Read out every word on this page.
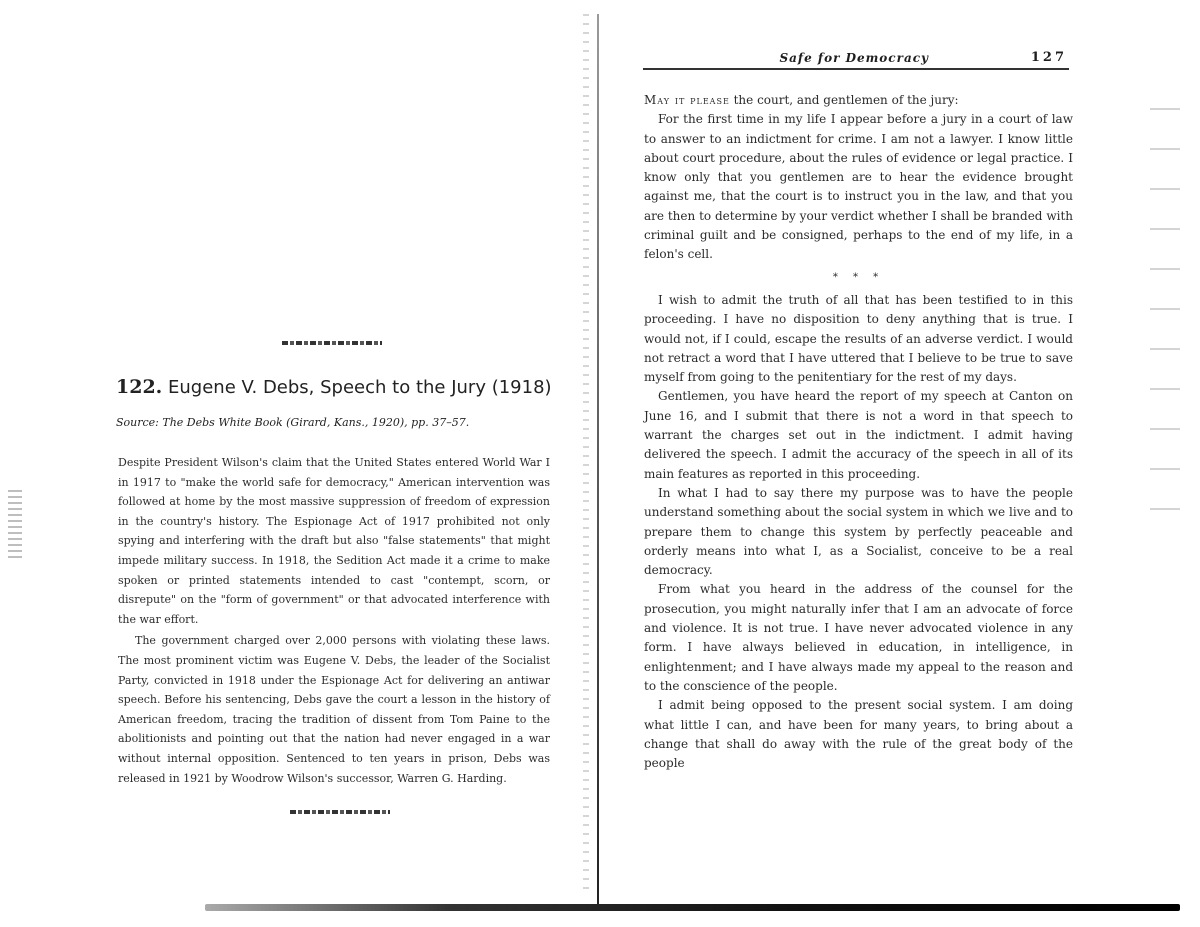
122. Eugene V. Debs, Speech to the Jury (1918)

Source: The Debs White Book (Girard, Kans., 1920), pp. 37–57.

Despite President Wilson's claim that the United States entered World War I in 1917 to "make the world safe for democracy," American intervention was followed at home by the most massive suppression of freedom of expression in the country's history. The Espionage Act of 1917 prohibited not only spying and interfering with the draft but also "false statements" that might impede military success. In 1918, the Sedition Act made it a crime to make spoken or printed statements intended to cast "contempt, scorn, or disrepute" on the "form of government" or that advocated interference with the war effort.

The government charged over 2,000 persons with violating these laws. The most prominent victim was Eugene V. Debs, the leader of the Socialist Party, convicted in 1918 under the Espionage Act for delivering an antiwar speech. Before his sentencing, Debs gave the court a lesson in the history of American freedom, tracing the tradition of dissent from Tom Paine to the abolitionists and pointing out that the nation had never engaged in a war without internal opposition. Sentenced to ten years in prison, Debs was released in 1921 by Woodrow Wilson's successor, Warren G. Harding.

Safe for Democracy	127

May it please the court, and gentlemen of the jury:

For the first time in my life I appear before a jury in a court of law to answer to an indictment for crime. I am not a lawyer. I know little about court procedure, about the rules of evidence or legal practice. I know only that you gentlemen are to hear the evidence brought against me, that the court is to instruct you in the law, and that you are then to determine by your verdict whether I shall be branded with criminal guilt and be consigned, perhaps to the end of my life, in a felon's cell.

* * *

I wish to admit the truth of all that has been testified to in this proceeding. I have no disposition to deny anything that is true. I would not, if I could, escape the results of an adverse verdict. I would not retract a word that I have uttered that I believe to be true to save myself from going to the penitentiary for the rest of my days.

Gentlemen, you have heard the report of my speech at Canton on June 16, and I submit that there is not a word in that speech to warrant the charges set out in the indictment. I admit having delivered the speech. I admit the accuracy of the speech in all of its main features as reported in this proceeding.

In what I had to say there my purpose was to have the people understand something about the social system in which we live and to prepare them to change this system by perfectly peaceable and orderly means into what I, as a Socialist, conceive to be a real democracy.

From what you heard in the address of the counsel for the prosecution, you might naturally infer that I am an advocate of force and violence. It is not true. I have never advocated violence in any form. I have always believed in education, in intelligence, in enlightenment; and I have always made my appeal to the reason and to the conscience of the people.

I admit being opposed to the present social system. I am doing what little I can, and have been for many years, to bring about a change that shall do away with the rule of the great body of the people
